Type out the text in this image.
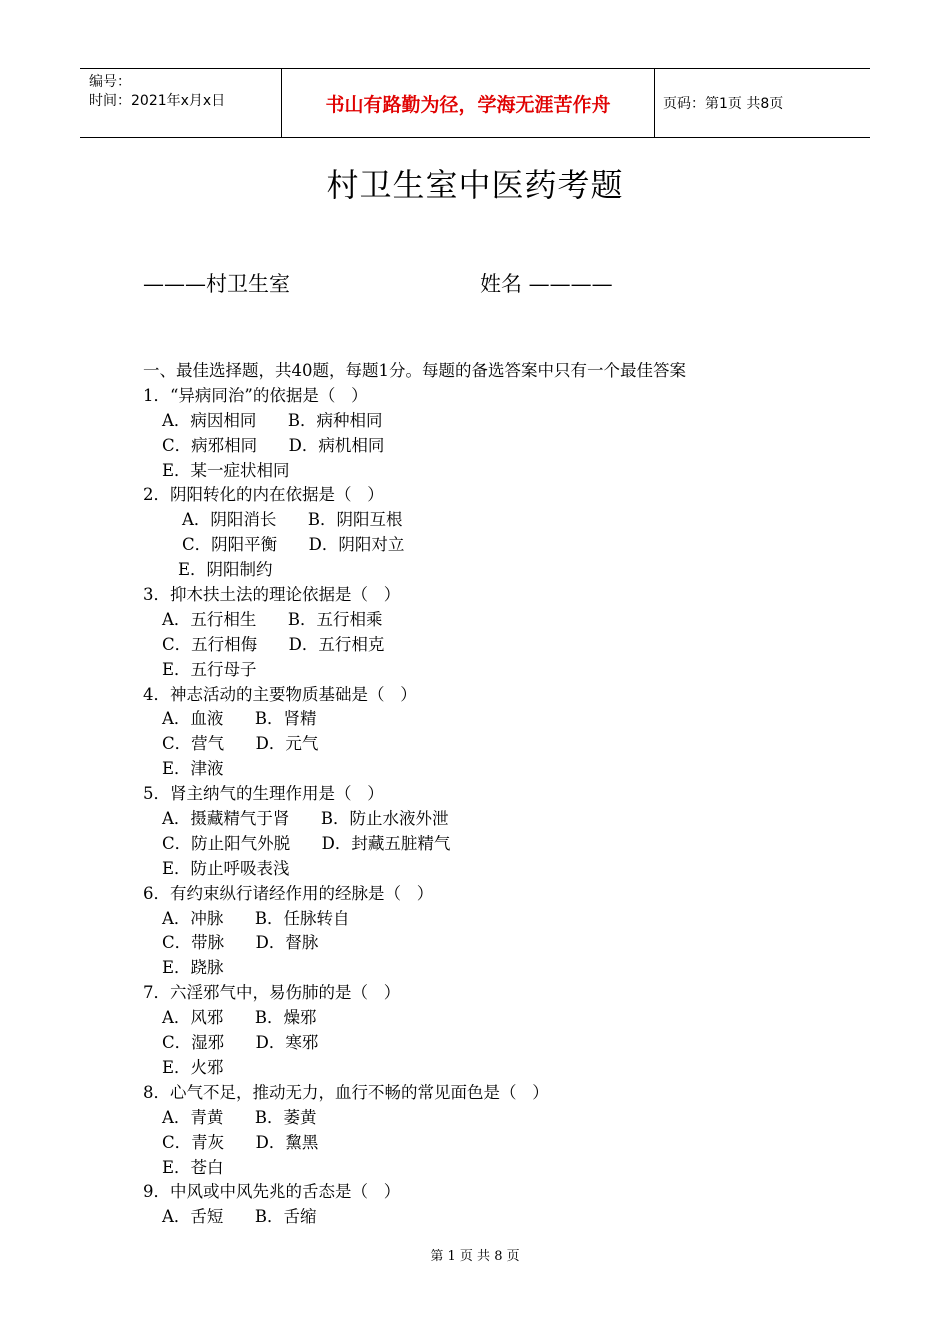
编号：
时间：2021年x月x日	书山有路勤为径，学海无涯苦作舟	页码：第1页 共8页
村卫生室中医药考题
———村卫生室	姓名 ————
一、最佳选择题，共40题，每题1分。每题的备选答案中只有一个最佳答案
1．“异病同治”的依据是（   ）
A．病因相同      B．病种相同
C．病邪相同      D．病机相同
E．某一症状相同
2．阴阳转化的内在依据是（   ）
A．阴阳消长      B．阴阳互根
C．阴阳平衡      D．阴阳对立
E．阴阳制约
3．抑木扶土法的理论依据是（   ）
A．五行相生      B．五行相乘
C．五行相侮      D．五行相克
E．五行母子
4．神志活动的主要物质基础是（   ）
A．血液      B．肾精
C．营气      D．元气
E．津液
5．肾主纳气的生理作用是（   ）
A．摄藏精气于肾      B．防止水液外泄
C．防止阳气外脱      D．封藏五脏精气
E．防止呼吸表浅
6．有约束纵行诸经作用的经脉是（   ）
A．冲脉      B．任脉转自
C．带脉      D．督脉
E．跷脉
7．六淫邪气中，易伤肺的是（   ）
A．风邪      B．燥邪
C．湿邪      D．寒邪
E．火邪
8．心气不足，推动无力，血行不畅的常见面色是（   ）
A．青黄      B．萎黄
C．青灰      D．黧黑
E．苍白
9．中风或中风先兆的舌态是（   ）
A．舌短      B．舌缩
第 1 页 共 8 页
